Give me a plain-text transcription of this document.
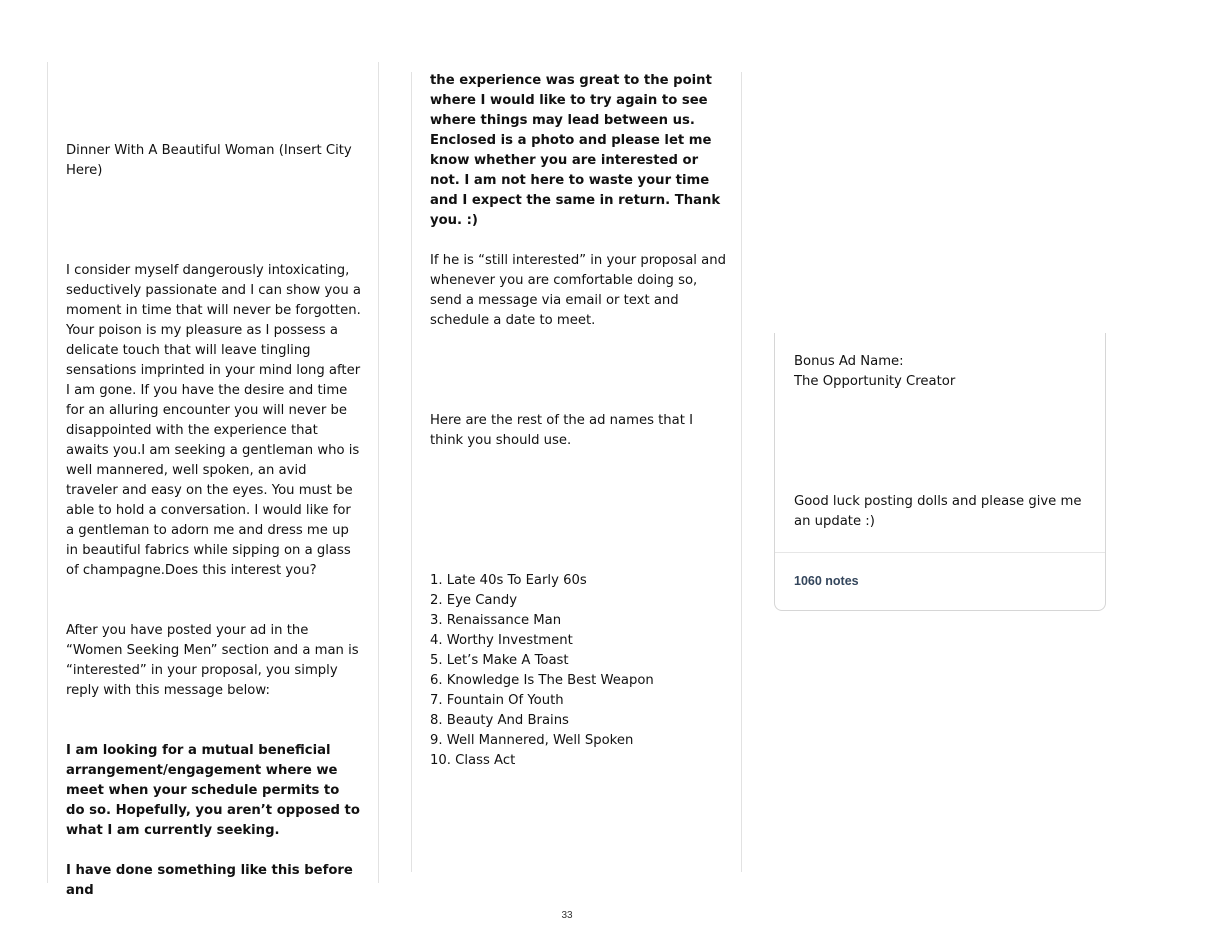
Dinner With A Beautiful Woman (Insert City Here)

I consider myself dangerously intoxicating, seductively passionate and I can show you a moment in time that will never be forgotten. Your poison is my pleasure as I possess a delicate touch that will leave tingling sensations imprinted in your mind long after I am gone. If you have the desire and time for an alluring encounter you will never be disappointed with the experience that awaits you.I am seeking a gentleman who is well mannered, well spoken, an avid traveler and easy on the eyes. You must be able to hold a conversation. I would like for a gentleman to adorn me and dress me up in beautiful fabrics while sipping on a glass of champagne.Does this interest you?

After you have posted your ad in the “Women Seeking Men” section and a man is “interested” in your proposal, you simply reply with this message below:

I am looking for a mutual beneficial arrangement/engagement where we meet when your schedule permits to do so. Hopefully, you aren’t opposed to what I am currently seeking.

I have done something like this before and

the experience was great to the point where I would like to try again to see where things may lead between us.

Enclosed is a photo and please let me know whether you are interested or not. I am not here to waste your time and I expect the same in return. Thank you. :)

If he is “still interested” in your proposal and whenever you are comfortable doing so, send a message via email or text and schedule a date to meet.

Here are the rest of the ad names that I think you should use.

1. Late 40s To Early 60s
2. Eye Candy
3. Renaissance Man
4. Worthy Investment
5. Let’s Make A Toast
6. Knowledge Is The Best Weapon
7. Fountain Of Youth
8. Beauty And Brains
9. Well Mannered, Well Spoken
10. Class Act

Bonus Ad Name:

The Opportunity Creator

Good luck posting dolls and please give me an update :)

1060 notes
33
